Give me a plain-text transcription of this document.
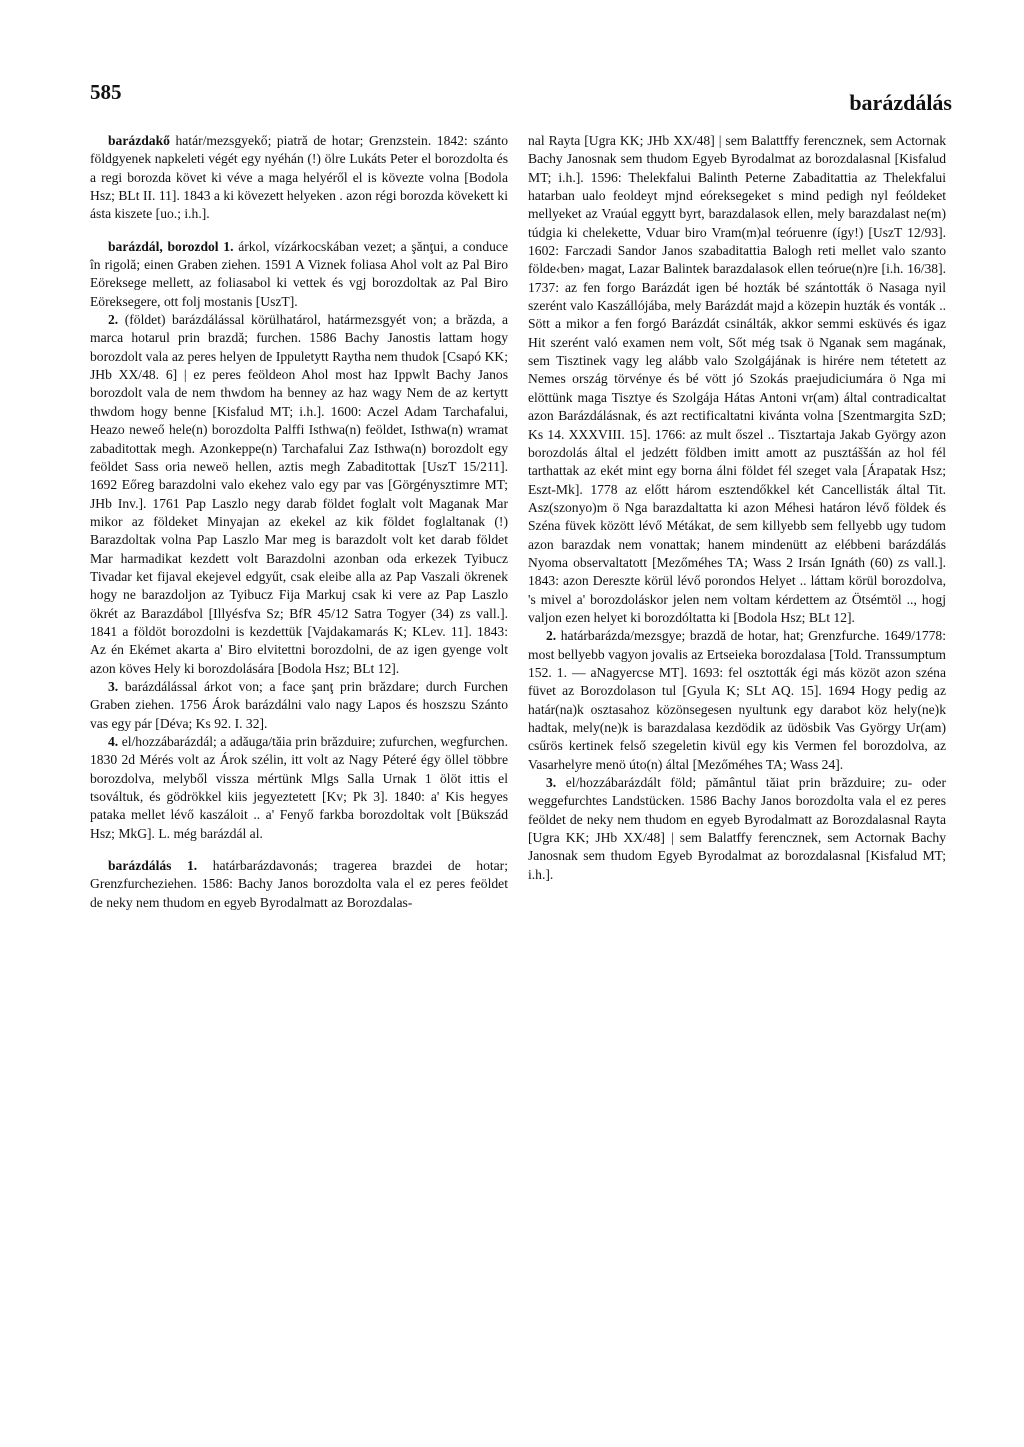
585	barázdálás

barázdakő határ/mezsgyekő; piatră de hotar; Grenzstein. 1842: szánto földgyenek napkeleti végét egy nyéhán (!) ölre Lukáts Peter el borozdolta és a regi borozda követ ki véve a maga helyéről el is kövezte volna [Bodola Hsz; BLt II. 11]. 1843 a ki kövezett helyeken . azon régi borozda kövekett ki ásta kiszete [uo.; i.h.].

barázdál, borozdol 1. árkol, vízárkocskában vezet; a şănţui, a conduce în rigolă; einen Graben ziehen. 1591 A Viznek foliasa Ahol volt az Pal Biro Eöreksege mellett, az foliasabol ki vettek és vgj borozdoltak az Pal Biro Eöreksegere, ott folj mostanis [UszT].

2. (földet) barázdálással körülhatárol, határmezsgyét von; a brăzda, a marca hotarul prin brazdă; furchen. 1586 Bachy Janostis lattam hogy borozdolt vala az peres helyen de Ippuletytt Raytha nem thudok [Csapó KK; JHb XX/48. 6] | ez peres feöldeon Ahol most haz Ippwlt Bachy Janos borozdolt vala de nem thwdom ha benney az haz wagy Nem de az kertytt thwdom hogy benne [Kisfalud MT; i.h.]. 1600: Aczel Adam Tarchafalui, Heazo neweő hele(n) borozdolta Palffi Isthwa(n) feöldet, Isthwa(n) wramat zabaditottak megh. Azonkeppe(n) Tarchafalui Zaz Isthwa(n) borozdolt egy feöldet Sass oria neweö hellen, aztis megh Zabaditottak [UszT 15/211]. 1692 Eőreg barazdolni valo ekehez valo egy par vas [Görgénysztimre MT; JHb Inv.]. 1761 Pap Laszlo negy darab földet foglalt volt Maganak Mar mikor az földeket Minyajan az ekekel az kik földet foglaltanak (!) Barazdoltak volna Pap Laszlo Mar meg is barazdolt volt ket darab földet Mar harmadikat kezdett volt Barazdolni azonban oda erkezek Tyibucz Tivadar ket fijaval ekejevel edgyűt, csak eleibe alla az Pap Vaszali ökrenek hogy ne barazdoljon az Tyibucz Fija Markuj csak ki vere az Pap Laszlo ökrét az Barazdábol [Illyésfva Sz; BfR 45/12 Satra Togyer (34) zs vall.]. 1841 a földöt borozdolni is kezdettük [Vajdakamarás K; KLev. 11]. 1843: Az én Ekémet akarta a' Biro elvitettni borozdolni, de az igen gyenge volt azon köves Hely ki borozdolására [Bodola Hsz; BLt 12].

3. barázdálással árkot von; a face şanţ prin brăzdare; durch Furchen Graben ziehen. 1756 Árok barázdálni valo nagy Lapos és hoszszu Szánto vas egy pár [Déva; Ks 92. I. 32].

4. el/hozzábarázdál; a adăuga/tăia prin brăzduire; zufurchen, wegfurchen. 1830 2d Mérés volt az Árok szélin, itt volt az Nagy Péteré égy öllel többre borozdolva, melyből vissza mértünk Mlgs Salla Urnak 1 ölöt ittis el tsováltuk, és gödrökkel kiis jegyeztetett [Kv; Pk 3]. 1840: a' Kis hegyes pataka mellet lévő kaszáloit .. a' Fenyő farkba borozdoltak volt [Bükszád Hsz; MkG]. L. még barázdál al.

barázdálás 1. határbarázdavonás; tragerea brazdei de hotar; Grenzfurcheziehen. 1586: Bachy Janos borozdolta vala el ez peres feöldet de neky nem thudom en egyeb Byrodalmatt az Borozdalas-

nal Rayta [Ugra KK; JHb XX/48] | sem Balattffy ferencznek, sem Actornak Bachy Janosnak sem thudom Egyeb Byrodalmat az borozdalasnal [Kisfalud MT; i.h.]. 1596: Thelekfalui Balinth Peterne Zabaditattia az Thelekfalui hatarban ualo feoldeyt mjnd eóreksegeket s mind pedigh nyl feóldeket mellyeket az Vraúal eggytt byrt, barazdalasok ellen, mely barazdalast ne(m) túdgia ki chelekette, Vduar biro Vram(m)al teóruenre (így!) [UszT 12/93]. 1602: Farczadi Sandor Janos szabaditattia Balogh reti mellet valo szanto földe‹ben› magat, Lazar Balintek barazdalasok ellen teórue(n)re [i.h. 16/38]. 1737: az fen forgo Barázdát igen bé hozták bé szántották ö Nasaga nyil szerént valo Kaszállójába, mely Barázdát majd a közepin huzták és vonták .. Sött a mikor a fen forgó Barázdát csinálták, akkor semmi esküvés és igaz Hit szerént való examen nem volt, Sőt még tsak ö Nganak sem magának, sem Tisztinek vagy leg alább valo Szolgájának is hirére nem tétetett az Nemes ország törvénye és bé vött jó Szokás praejudiciumára ö Nga mi elöttünk maga Tisztye és Szolgája Hátas Antoni vr(am) által contradicaltat azon Barázdálásnak, és azt rectificaltatni kivánta volna [Szentmargita SzD; Ks 14. XXXVIII. 15]. 1766: az mult őszel .. Tisztartaja Jakab György azon borozdolás által el jedzétt földben imitt amott az pusztáššán az hol fél tarthattak az ekét mint egy borna álni földet fél szeget vala [Árapatak Hsz; Eszt-Mk]. 1778 az előtt három esztendőkkel két Cancellisták által Tit. Asz(szonyo)m ö Nga barazdaltatta ki azon Méhesi határon lévő földek és Széna füvek között lévő Métákat, de sem killyebb sem fellyebb ugy tudom azon barazdak nem vonattak; hanem mindenütt az elébbeni barázdálás Nyoma observaltatott [Mezőméhes TA; Wass 2 Irsán Ignáth (60) zs vall.]. 1843: azon Dereszte körül lévő porondos Helyet .. láttam körül borozdolva, 's mivel a' borozdoláskor jelen nem voltam kérdettem az Ötsémtöl .., hogj valjon ezen helyet ki borozdóltatta ki [Bodola Hsz; BLt 12].

2. határbarázda/mezsgye; brazdă de hotar, hat; Grenzfurche. 1649/1778: most bellyebb vagyon jovalis az Ertseieka borozdalasa [Told. Transsumptum 152. 1. — aNagyercse MT]. 1693: fel osztották égi más közöt azon széna füvet az Borozdolason tul [Gyula K; SLt AQ. 15]. 1694 Hogy pedig az határ(na)k osztasahoz közönsegesen nyultunk egy darabot köz hely(ne)k hadtak, mely(ne)k is barazdalasa kezdödik az üdösbik Vas György Ur(am) csűrös kertinek felső szegeletin kivül egy kis Vermen fel borozdolva, az Vasarhelyre menö úto(n) által [Mezőméhes TA; Wass 24].

3. el/hozzábarázdált föld; pământul tăiat prin brăzduire; zu- oder weggefurchtes Landstücken. 1586 Bachy Janos borozdolta vala el ez peres feöldet de neky nem thudom en egyeb Byrodalmatt az Borozdalasnal Rayta [Ugra KK; JHb XX/48] | sem Balatffy ferencznek, sem Actornak Bachy Janosnak sem thudom Egyeb Byrodalmat az borozdalasnal [Kisfalud MT; i.h.].
